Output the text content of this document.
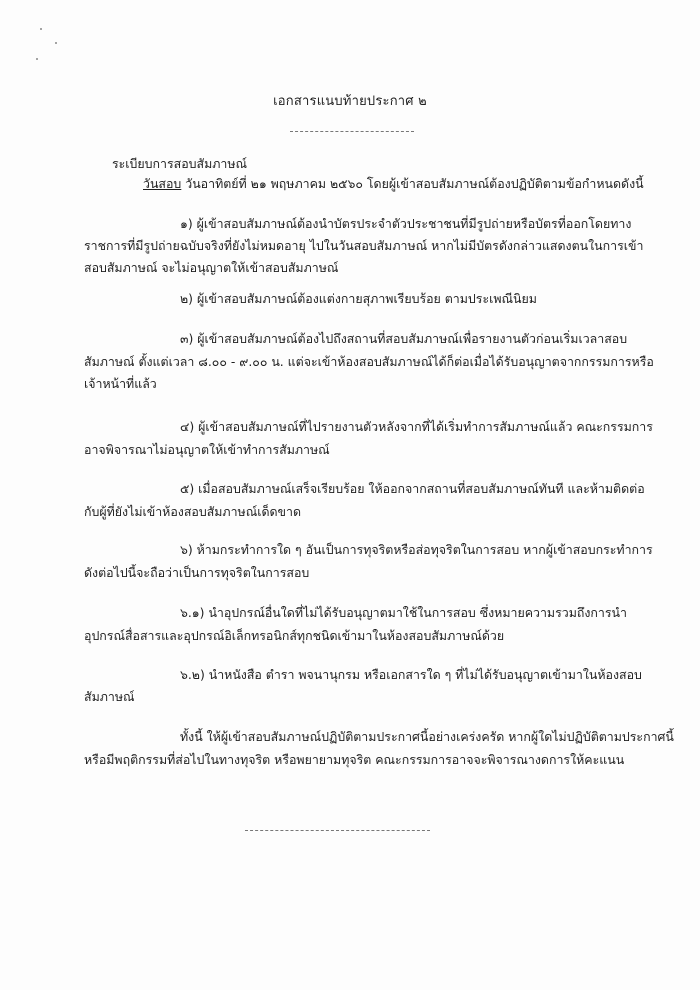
เอกสารแนบท้ายประกาศ ๒
ระเบียบการสอบสัมภาษณ์
วันสอบ วันอาทิตย์ที่ ๒๑ พฤษภาคม ๒๕๖๐ โดยผู้เข้าสอบสัมภาษณ์ต้องปฏิบัติตามข้อกำหนดดังนี้
๑) ผู้เข้าสอบสัมภาษณ์ต้องนำบัตรประจำตัวประชาชนที่มีรูปถ่ายหรือบัตรที่ออกโดยทาง
ราชการที่มีรูปถ่ายฉบับจริงที่ยังไม่หมดอายุ ไปในวันสอบสัมภาษณ์ หากไม่มีบัตรดังกล่าวแสดงตนในการเข้า
สอบสัมภาษณ์ จะไม่อนุญาตให้เข้าสอบสัมภาษณ์
๒) ผู้เข้าสอบสัมภาษณ์ต้องแต่งกายสุภาพเรียบร้อย ตามประเพณีนิยม
๓) ผู้เข้าสอบสัมภาษณ์ต้องไปถึงสถานที่สอบสัมภาษณ์เพื่อรายงานตัวก่อนเริ่มเวลาสอบ
สัมภาษณ์ ตั้งแต่เวลา ๘.๐๐ - ๙.๐๐ น. แต่จะเข้าห้องสอบสัมภาษณ์ได้ก็ต่อเมื่อได้รับอนุญาตจากกรรมการหรือ
เจ้าหน้าที่แล้ว
๔) ผู้เข้าสอบสัมภาษณ์ที่ไปรายงานตัวหลังจากที่ได้เริ่มทำการสัมภาษณ์แล้ว คณะกรรมการ
อาจพิจารณาไม่อนุญาตให้เข้าทำการสัมภาษณ์
๕) เมื่อสอบสัมภาษณ์เสร็จเรียบร้อย ให้ออกจากสถานที่สอบสัมภาษณ์ทันที และห้ามติดต่อ
กับผู้ที่ยังไม่เข้าห้องสอบสัมภาษณ์เด็ดขาด
๖) ห้ามกระทำการใด ๆ อันเป็นการทุจริตหรือส่อทุจริตในการสอบ หากผู้เข้าสอบกระทำการ
ดังต่อไปนี้จะถือว่าเป็นการทุจริตในการสอบ
๖.๑) นำอุปกรณ์อื่นใดที่ไม่ได้รับอนุญาตมาใช้ในการสอบ ซึ่งหมายความรวมถึงการนำ
อุปกรณ์สื่อสารและอุปกรณ์อิเล็กทรอนิกส์ทุกชนิดเข้ามาในห้องสอบสัมภาษณ์ด้วย
๖.๒) นำหนังสือ ตำรา พจนานุกรม หรือเอกสารใด ๆ ที่ไม่ได้รับอนุญาตเข้ามาในห้องสอบ
สัมภาษณ์
ทั้งนี้ ให้ผู้เข้าสอบสัมภาษณ์ปฏิบัติตามประกาศนี้อย่างเคร่งครัด หากผู้ใดไม่ปฏิบัติตามประกาศนี้
หรือมีพฤติกรรมที่ส่อไปในทางทุจริต หรือพยายามทุจริต คณะกรรมการอาจจะพิจารณางดการให้คะแนน
